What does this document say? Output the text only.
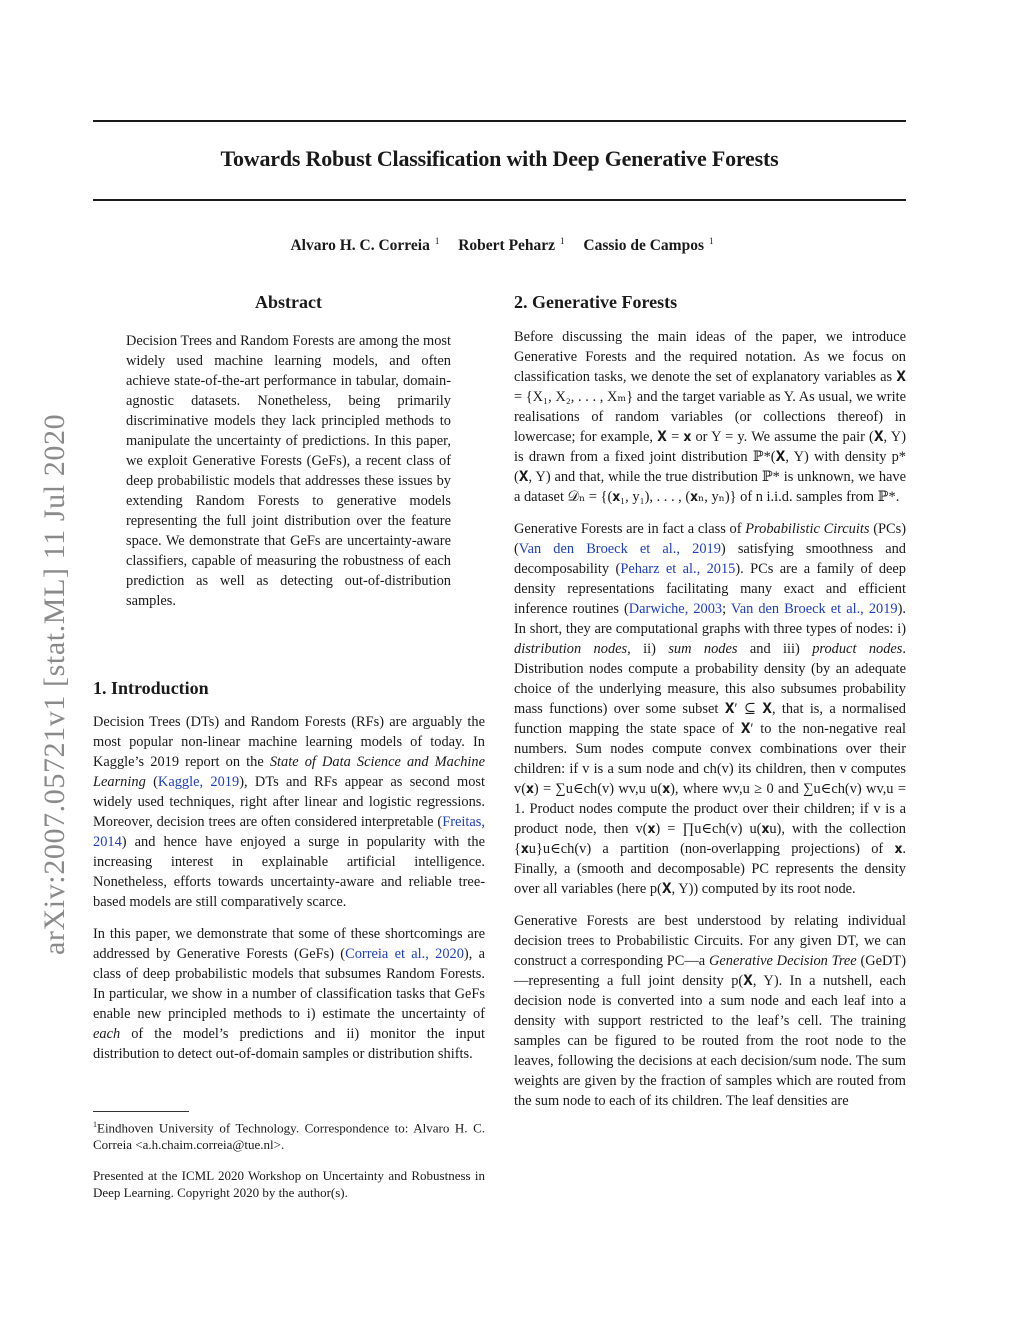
Towards Robust Classification with Deep Generative Forests
Alvaro H. C. Correia $^1$ Robert Peharz $^1$ Cassio de Campos $^1$
arXiv:2007.05721v1 [stat.ML] 11 Jul 2020
Abstract

Decision Trees and Random Forests are among the most widely used machine learning models, and often achieve state-of-the-art performance in tabular, domain-agnostic datasets. Nonetheless, being primarily discriminative models they lack principled methods to manipulate the uncertainty of predictions. In this paper, we exploit Generative Forests (GeFs), a recent class of deep probabilistic models that addresses these issues by extending Random Forests to generative models representing the full joint distribution over the feature space. We demonstrate that GeFs are uncertainty-aware classifiers, capable of measuring the robustness of each prediction as well as detecting out-of-distribution samples.

1. Introduction

Decision Trees (DTs) and Random Forests (RFs) are arguably the most popular non-linear machine learning models of today. In Kaggle’s 2019 report on the State of Data Science and Machine Learning (Kaggle, 2019), DTs and RFs appear as second most widely used techniques, right after linear and logistic regressions. Moreover, decision trees are often considered interpretable (Freitas, 2014) and hence have enjoyed a surge in popularity with the increasing interest in explainable artificial intelligence. Nonetheless, efforts towards uncertainty-aware and reliable tree-based models are still comparatively scarce.

In this paper, we demonstrate that some of these shortcomings are addressed by Generative Forests (GeFs) (Correia et al., 2020), a class of deep probabilistic models that subsumes Random Forests. In particular, we show in a number of classification tasks that GeFs enable new principled methods to i) estimate the uncertainty of each of the model’s predictions and ii) monitor the input distribution to detect out-of-domain samples or distribution shifts.

$^1$Eindhoven University of Technology. Correspondence to: Alvaro H. C. Correia <a.h.chaim.correia@tue.nl>.

Presented at the ICML 2020 Workshop on Uncertainty and Robustness in Deep Learning. Copyright 2020 by the author(s).

2. Generative Forests

Before discussing the main ideas of the paper, we introduce Generative Forests and the required notation. As we focus on classification tasks, we denote the set of explanatory variables as 𝐗 = {X₁, X₂, . . . , Xₘ} and the target variable as Y. As usual, we write realisations of random variables (or collections thereof) in lowercase; for example, 𝐗 = 𝐱 or Y = y. We assume the pair (𝐗, Y) is drawn from a fixed joint distribution ℙ*(𝐗, Y) with density p*(𝐗, Y) and that, while the true distribution ℙ* is unknown, we have a dataset 𝒟ₙ = {(𝐱₁, y₁), . . . , (𝐱ₙ, yₙ)} of n i.i.d. samples from ℙ*.

Generative Forests are in fact a class of Probabilistic Circuits (PCs) (Van den Broeck et al., 2019) satisfying smoothness and decomposability (Peharz et al., 2015). PCs are a family of deep density representations facilitating many exact and efficient inference routines (Darwiche, 2003; Van den Broeck et al., 2019). In short, they are computational graphs with three types of nodes: i) distribution nodes, ii) sum nodes and iii) product nodes. Distribution nodes compute a probability density (by an adequate choice of the underlying measure, this also subsumes probability mass functions) over some subset 𝐗′ ⊆ 𝐗, that is, a normalised function mapping the state space of 𝐗′ to the non-negative real numbers. Sum nodes compute convex combinations over their children: if v is a sum node and ch(v) its children, then v computes v(𝐱) = ∑u∈ch(v) wv,u u(𝐱), where wv,u ≥ 0 and ∑u∈ch(v) wv,u = 1. Product nodes compute the product over their children; if v is a product node, then v(𝐱) = ∏u∈ch(v) u(𝐱u), with the collection {𝐱u}u∈ch(v) a partition (non-overlapping projections) of 𝐱. Finally, a (smooth and decomposable) PC represents the density over all variables (here p(𝐗, Y)) computed by its root node.

Generative Forests are best understood by relating individual decision trees to Probabilistic Circuits. For any given DT, we can construct a corresponding PC—a Generative Decision Tree (GeDT)—representing a full joint density p(𝐗, Y). In a nutshell, each decision node is converted into a sum node and each leaf into a density with support restricted to the leaf’s cell. The training samples can be figured to be routed from the root node to the leaves, following the decisions at each decision/sum node. The sum weights are given by the fraction of samples which are routed from the sum node to each of its children. The leaf densities are
